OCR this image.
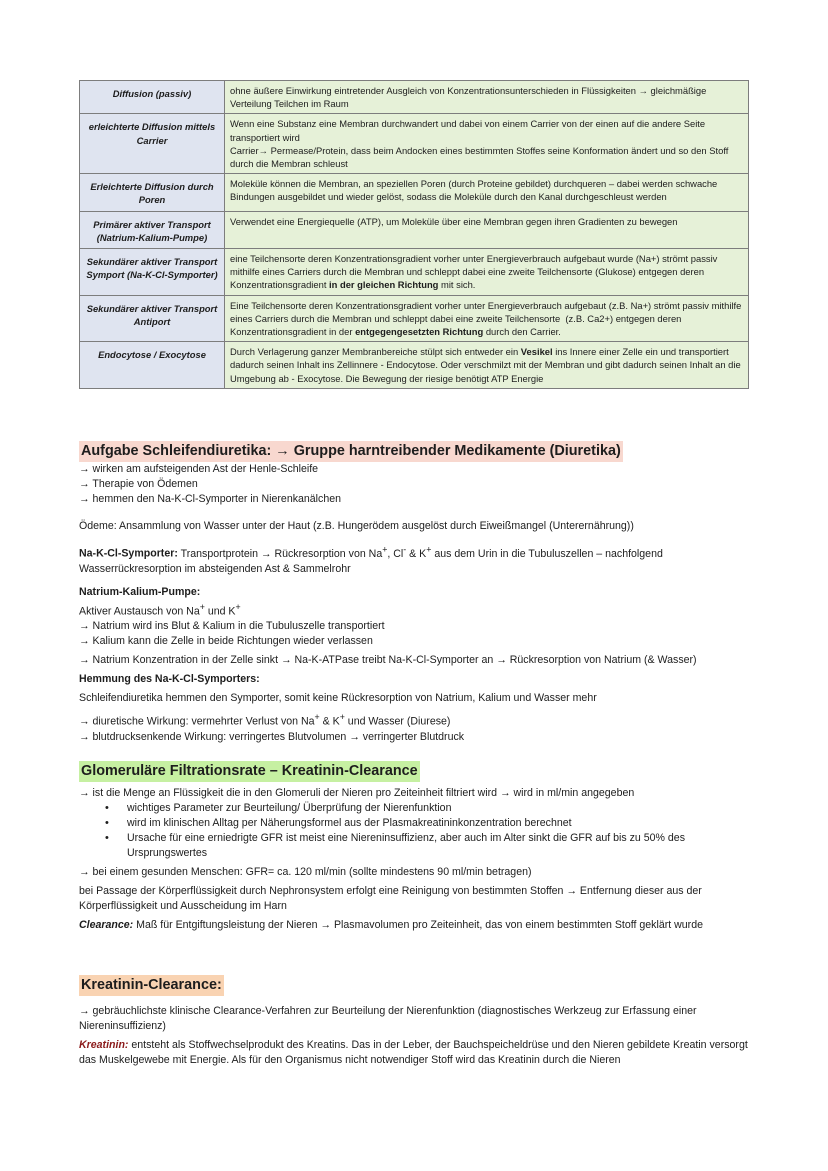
Diffusion (passiv)	ohne äußere Einwirkung eintretender Ausgleich von Konzentrationsunterschieden in Flüssigkeiten → gleichmäßige Verteilung Teilchen im Raum
erleichterte Diffusion mittels Carrier	Wenn eine Substanz eine Membran durchwandert und dabei von einem Carrier von der einen auf die andere Seite transportiert wird
Carrier→ Permease/Protein, dass beim Andocken eines bestimmten Stoffes seine Konformation ändert und so den Stoff durch die Membran schleust
Erleichterte Diffusion durch Poren	Moleküle können die Membran, an speziellen Poren (durch Proteine gebildet) durchqueren – dabei werden schwache Bindungen ausgebildet und wieder gelöst, sodass die Moleküle durch den Kanal durchgeschleust werden
Primärer aktiver Transport (Natrium-Kalium-Pumpe)	Verwendet eine Energiequelle (ATP), um Moleküle über eine Membran gegen ihren Gradienten zu bewegen
Sekundärer aktiver Transport Symport (Na-K-Cl-Symporter)	eine Teilchensorte deren Konzentrationsgradient vorher unter Energieverbrauch aufgebaut wurde (Na+) strömt passiv mithilfe eines Carriers durch die Membran und schleppt dabei eine zweite Teilchensorte (Glukose) entgegen deren Konzentrationsgradient in der gleichen Richtung mit sich.
Sekundärer aktiver Transport Antiport	Eine Teilchensorte deren Konzentrationsgradient vorher unter Energieverbrauch aufgebaut (z.B. Na+) strömt passiv mithilfe eines Carriers durch die Membran und schleppt dabei eine zweite Teilchensorte  (z.B. Ca2+) entgegen deren Konzentrationsgradient in der entgegengesetzten Richtung durch den Carrier.
Endocytose / Exocytose	Durch Verlagerung ganzer Membranbereiche stülpt sich entweder ein Vesikel ins Innere einer Zelle ein und transportiert dadurch seinen Inhalt ins Zellinnere - Endocytose. Oder verschmilzt mit der Membran und gibt dadurch seinen Inhalt an die Umgebung ab - Exocytose. Die Bewegung der riesige benötigt ATP Energie
Aufgabe Schleifendiuretika: → Gruppe harntreibender Medikamente (Diuretika)

→ wirken am aufsteigenden Ast der Henle-Schleife

→ Therapie von Ödemen

→ hemmen den Na-K-Cl-Symporter in Nierenkanälchen

Ödeme: Ansammlung von Wasser unter der Haut (z.B. Hungerödem ausgelöst durch Eiweißmangel (Unterernährung))

Na-K-Cl-Symporter: Transportprotein → Rückresorption von Na+, Cl- & K+ aus dem Urin in die Tubuluszellen – nachfolgend Wasserrückresorption im absteigenden Ast & Sammelrohr

Natrium-Kalium-Pumpe:

Aktiver Austausch von Na+ und K+

→ Natrium wird ins Blut & Kalium in die Tubuluszelle transportiert

→ Kalium kann die Zelle in beide Richtungen wieder verlassen

→ Natrium Konzentration in der Zelle sinkt → Na-K-ATPase treibt Na-K-Cl-Symporter an → Rückresorption von Natrium (& Wasser)

Hemmung des Na-K-Cl-Symporters:

Schleifendiuretika hemmen den Symporter, somit keine Rückresorption von Natrium, Kalium und Wasser mehr

→ diuretische Wirkung: vermehrter Verlust von Na+ & K+ und Wasser (Diurese)

→ blutdrucksenkende Wirkung: verringertes Blutvolumen → verringerter Blutdruck

Glomeruläre Filtrationsrate – Kreatinin-Clearance

→ ist die Menge an Flüssigkeit die in den Glomeruli der Nieren pro Zeiteinheit filtriert wird → wird in ml/min angegeben

• wichtiges Parameter zur Beurteilung/ Überprüfung der Nierenfunktion
• wird im klinischen Alltag per Näherungsformel aus der Plasmakreatininkonzentration berechnet
• Ursache für eine erniedrigte GFR ist meist eine Niereninsuffizienz, aber auch im Alter sinkt die GFR auf bis zu 50% des Ursprungswertes

→ bei einem gesunden Menschen: GFR= ca. 120 ml/min (sollte mindestens 90 ml/min betragen)

bei Passage der Körperflüssigkeit durch Nephronsystem erfolgt eine Reinigung von bestimmten Stoffen → Entfernung dieser aus der Körperflüssigkeit und Ausscheidung im Harn

Clearance: Maß für Entgiftungsleistung der Nieren → Plasmavolumen pro Zeiteinheit, das von einem bestimmten Stoff geklärt wurde

Kreatinin-Clearance:

→ gebräuchlichste klinische Clearance-Verfahren zur Beurteilung der Nierenfunktion (diagnostisches Werkzeug zur Erfassung einer Niereninsuffizienz)

Kreatinin: entsteht als Stoffwechselprodukt des Kreatins. Das in der Leber, der Bauchspeicheldrüse und den Nieren gebildete Kreatin versorgt das Muskelgewebe mit Energie. Als für den Organismus nicht notwendiger Stoff wird das Kreatinin durch die Nieren
